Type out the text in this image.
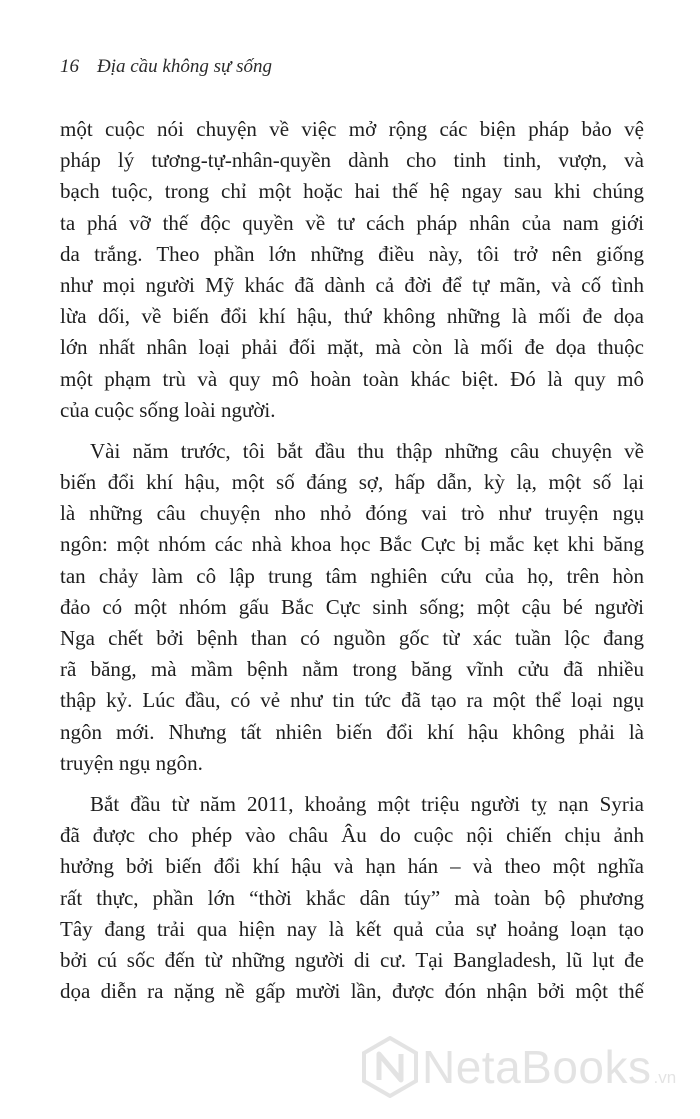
16 Địa cầu không sự sống
một cuộc nói chuyện về việc mở rộng các biện pháp bảo vệ
pháp lý tương-tự-nhân-quyền dành cho tinh tinh, vượn, và
bạch tuộc, trong chỉ một hoặc hai thế hệ ngay sau khi chúng
ta phá vỡ thế độc quyền về tư cách pháp nhân của nam giới
da trắng. Theo phần lớn những điều này, tôi trở nên giống
như mọi người Mỹ khác đã dành cả đời để tự mãn, và cố tình
lừa dối, về biến đổi khí hậu, thứ không những là mối đe dọa
lớn nhất nhân loại phải đối mặt, mà còn là mối đe dọa thuộc
một phạm trù và quy mô hoàn toàn khác biệt. Đó là quy mô
của cuộc sống loài người.
Vài năm trước, tôi bắt đầu thu thập những câu chuyện về
biến đổi khí hậu, một số đáng sợ, hấp dẫn, kỳ lạ, một số lại
là những câu chuyện nho nhỏ đóng vai trò như truyện ngụ
ngôn: một nhóm các nhà khoa học Bắc Cực bị mắc kẹt khi băng
tan chảy làm cô lập trung tâm nghiên cứu của họ, trên hòn
đảo có một nhóm gấu Bắc Cực sinh sống; một cậu bé người
Nga chết bởi bệnh than có nguồn gốc từ xác tuần lộc đang
rã băng, mà mầm bệnh nằm trong băng vĩnh cửu đã nhiều
thập kỷ. Lúc đầu, có vẻ như tin tức đã tạo ra một thể loại ngụ
ngôn mới. Nhưng tất nhiên biến đổi khí hậu không phải là
truyện ngụ ngôn.
Bắt đầu từ năm 2011, khoảng một triệu người tỵ nạn Syria
đã được cho phép vào châu Âu do cuộc nội chiến chịu ảnh
hưởng bởi biến đổi khí hậu và hạn hán – và theo một nghĩa
rất thực, phần lớn “thời khắc dân túy” mà toàn bộ phương
Tây đang trải qua hiện nay là kết quả của sự hoảng loạn tạo
bởi cú sốc đến từ những người di cư. Tại Bangladesh, lũ lụt đe
dọa diễn ra nặng nề gấp mười lần, được đón nhận bởi một thế
NetaBooks .vn
